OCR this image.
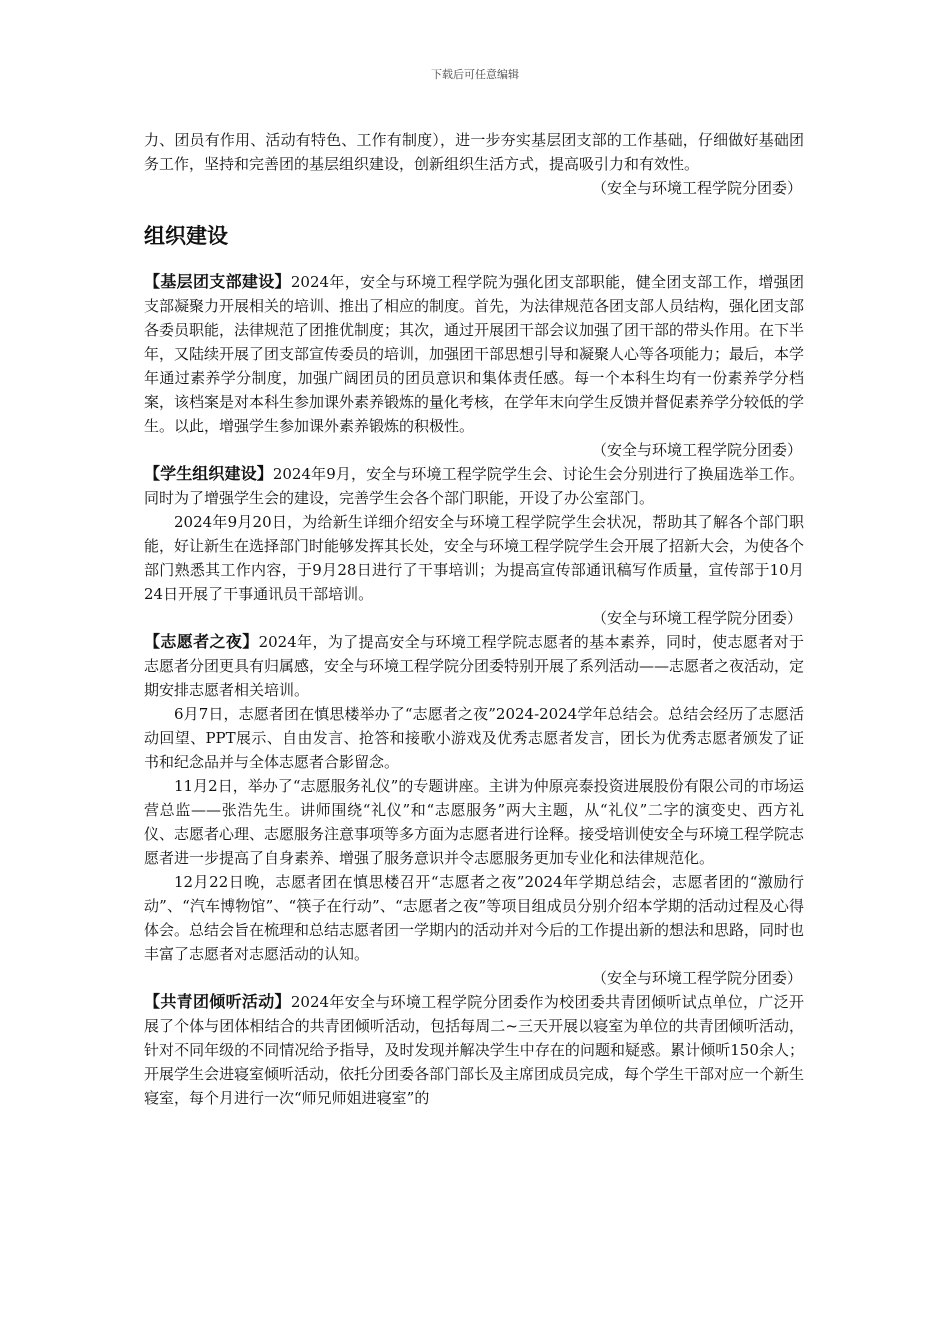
下载后可任意编辑

力、团员有作用、活动有特色、工作有制度），进一步夯实基层团支部的工作基础，仔细做好基础团务工作，坚持和完善团的基层组织建设，创新组织生活方式，提高吸引力和有效性。

（安全与环境工程学院分团委）

组织建设

【基层团支部建设】2024年，安全与环境工程学院为强化团支部职能，健全团支部工作，增强团支部凝聚力开展相关的培训、推出了相应的制度。首先，为法律规范各团支部人员结构，强化团支部各委员职能，法律规范了团推优制度；其次，通过开展团干部会议加强了团干部的带头作用。在下半年，又陆续开展了团支部宣传委员的培训，加强团干部思想引导和凝聚人心等各项能力；最后，本学年通过素养学分制度，加强广阔团员的团员意识和集体责任感。每一个本科生均有一份素养学分档案，该档案是对本科生参加课外素养锻炼的量化考核，在学年末向学生反馈并督促素养学分较低的学生。以此，增强学生参加课外素养锻炼的积极性。

（安全与环境工程学院分团委）

【学生组织建设】2024年9月，安全与环境工程学院学生会、讨论生会分别进行了换届选举工作。同时为了增强学生会的建设，完善学生会各个部门职能，开设了办公室部门。

2024年9月20日，为给新生详细介绍安全与环境工程学院学生会状况，帮助其了解各个部门职能，好让新生在选择部门时能够发挥其长处，安全与环境工程学院学生会开展了招新大会，为使各个部门熟悉其工作内容，于9月28日进行了干事培训；为提高宣传部通讯稿写作质量，宣传部于10月24日开展了干事通讯员干部培训。

（安全与环境工程学院分团委）

【志愿者之夜】2024年，为了提高安全与环境工程学院志愿者的基本素养，同时，使志愿者对于志愿者分团更具有归属感，安全与环境工程学院分团委特别开展了系列活动——志愿者之夜活动，定期安排志愿者相关培训。

6月7日，志愿者团在慎思楼举办了“志愿者之夜”2024-2024学年总结会。总结会经历了志愿活动回望、PPT展示、自由发言、抢答和接歌小游戏及优秀志愿者发言，团长为优秀志愿者颁发了证书和纪念品并与全体志愿者合影留念。

11月2日，举办了“志愿服务礼仪”的专题讲座。主讲为仲原亮泰投资进展股份有限公司的市场运营总监——张浩先生。讲师围绕“礼仪”和“志愿服务”两大主题，从“礼仪”二字的演变史、西方礼仪、志愿者心理、志愿服务注意事项等多方面为志愿者进行诠释。接受培训使安全与环境工程学院志愿者进一步提高了自身素养、增强了服务意识并令志愿服务更加专业化和法律规范化。

12月22日晚，志愿者团在慎思楼召开“志愿者之夜”2024年学期总结会，志愿者团的“激励行动”、“汽车博物馆”、“筷子在行动”、“志愿者之夜”等项目组成员分别介绍本学期的活动过程及心得体会。总结会旨在梳理和总结志愿者团一学期内的活动并对今后的工作提出新的想法和思路，同时也丰富了志愿者对志愿活动的认知。

（安全与环境工程学院分团委）

【共青团倾听活动】2024年安全与环境工程学院分团委作为校团委共青团倾听试点单位，广泛开展了个体与团体相结合的共青团倾听活动，包括每周二~三天开展以寝室为单位的共青团倾听活动，针对不同年级的不同情况给予指导，及时发现并解决学生中存在的问题和疑惑。累计倾听150余人；开展学生会进寝室倾听活动，依托分团委各部门部长及主席团成员完成，每个学生干部对应一个新生寝室，每个月进行一次“师兄师姐进寝室”的
